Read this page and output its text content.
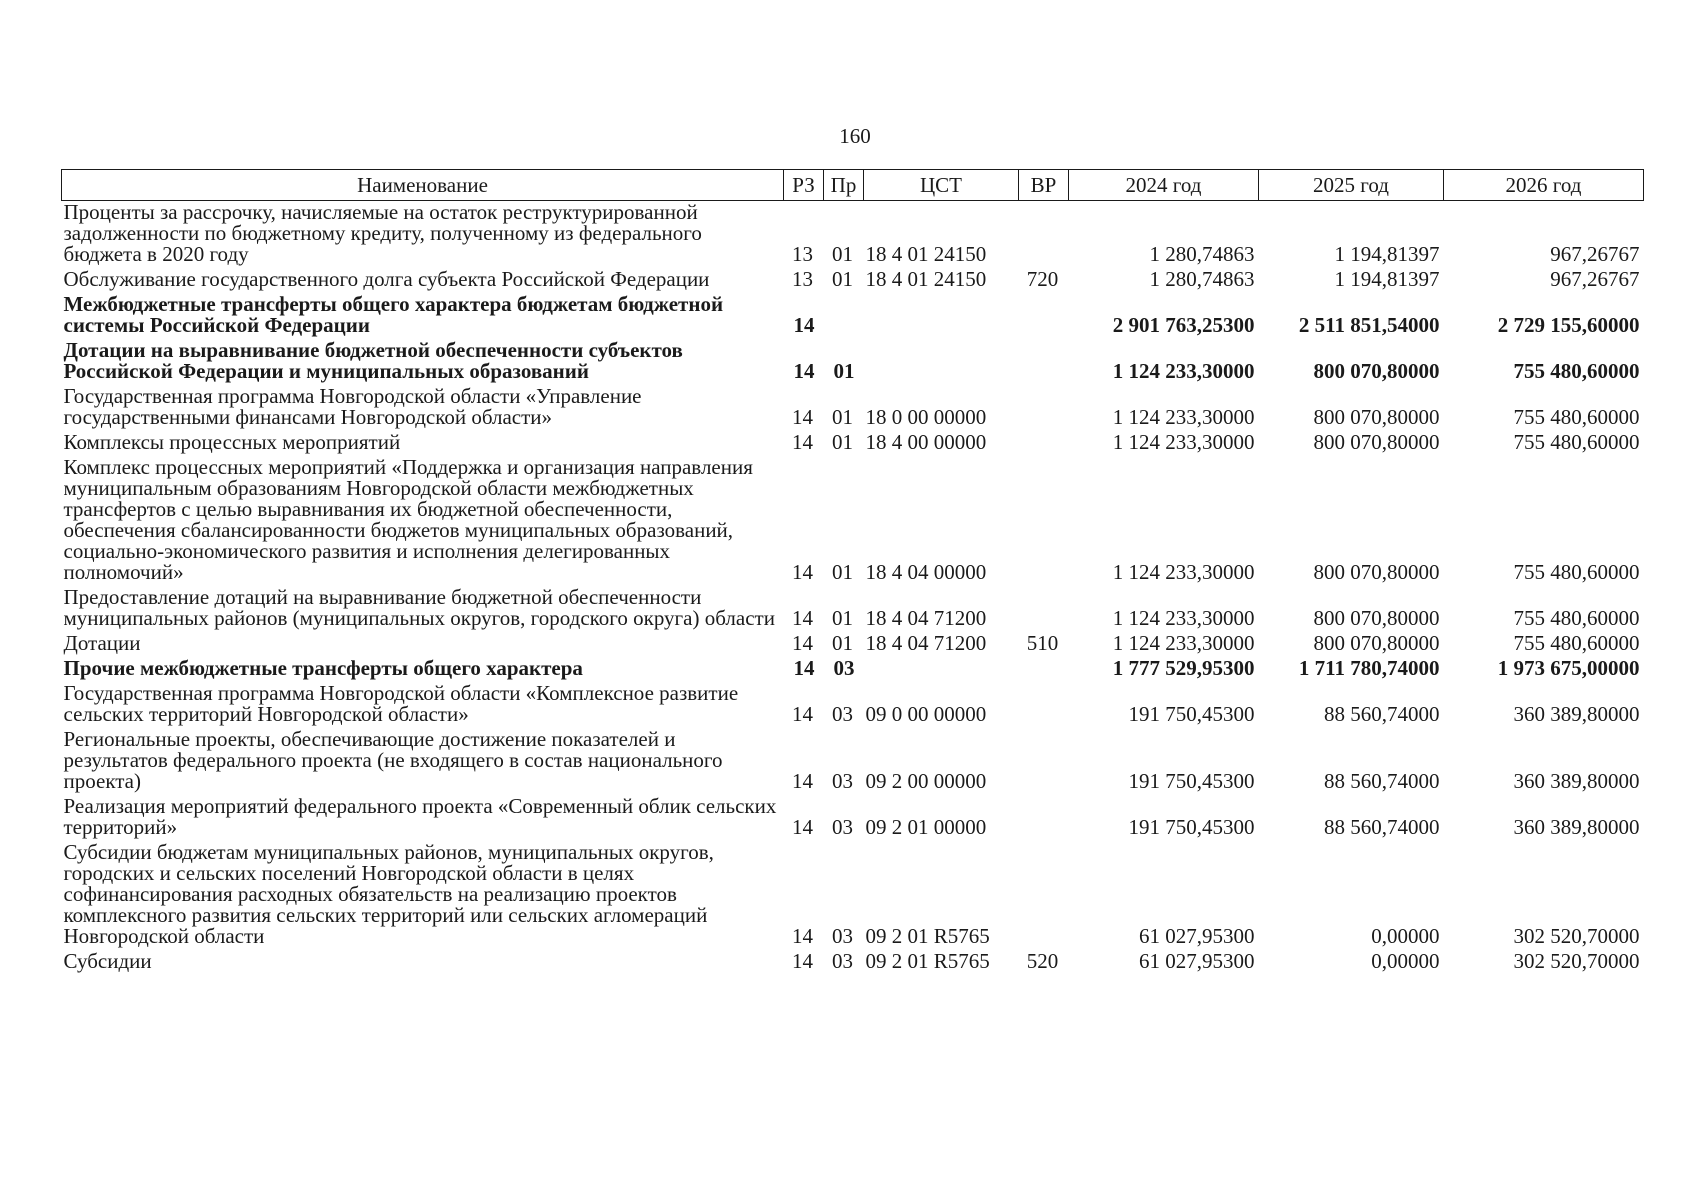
160
Наименование	РЗ	Пр	ЦСТ	ВР	2024 год	2025 год	2026 год
Проценты за рассрочку, начисляемые на остаток реструктурированной задолженности по бюджетному кредиту, полученному из федерального бюджета в 2020 году	13	01	18 4 01 24150		1 280,74863	1 194,81397	967,26767
Обслуживание государственного долга субъекта Российской Федерации	13	01	18 4 01 24150	720	1 280,74863	1 194,81397	967,26767
Межбюджетные трансферты общего характера бюджетам бюджетной системы Российской Федерации	14				2 901 763,25300	2 511 851,54000	2 729 155,60000
Дотации на выравнивание бюджетной обеспеченности субъектов Российской Федерации и муниципальных образований	14	01			1 124 233,30000	800 070,80000	755 480,60000
Государственная программа Новгородской области «Управление государственными финансами Новгородской области»	14	01	18 0 00 00000		1 124 233,30000	800 070,80000	755 480,60000
Комплексы процессных мероприятий	14	01	18 4 00 00000		1 124 233,30000	800 070,80000	755 480,60000
Комплекс процессных мероприятий «Поддержка и организация направления муниципальным образованиям Новгородской области межбюджетных трансфертов с целью выравнивания их бюджетной обеспеченности, обеспечения сбалансированности бюджетов муниципальных образований, социально-экономического развития и исполнения делегированных полномочий»	14	01	18 4 04 00000		1 124 233,30000	800 070,80000	755 480,60000
Предоставление дотаций на выравнивание бюджетной обеспеченности муниципальных районов (муниципальных округов, городского округа) области	14	01	18 4 04 71200		1 124 233,30000	800 070,80000	755 480,60000
Дотации	14	01	18 4 04 71200	510	1 124 233,30000	800 070,80000	755 480,60000
Прочие межбюджетные трансферты общего характера	14	03			1 777 529,95300	1 711 780,74000	1 973 675,00000
Государственная программа Новгородской области «Комплексное развитие сельских территорий Новгородской области»	14	03	09 0 00 00000		191 750,45300	88 560,74000	360 389,80000
Региональные проекты, обеспечивающие достижение показателей и результатов федерального проекта (не входящего в состав национального проекта)	14	03	09 2 00 00000		191 750,45300	88 560,74000	360 389,80000
Реализация мероприятий федерального проекта «Современный облик сельских территорий»	14	03	09 2 01 00000		191 750,45300	88 560,74000	360 389,80000
Субсидии бюджетам муниципальных районов, муниципальных округов, городских и сельских поселений Новгородской области в целях софинансирования расходных обязательств на реализацию проектов комплексного развития сельских территорий или сельских агломераций Новгородской области	14	03	09 2 01 R5765		61 027,95300	0,00000	302 520,70000
Субсидии	14	03	09 2 01 R5765	520	61 027,95300	0,00000	302 520,70000
